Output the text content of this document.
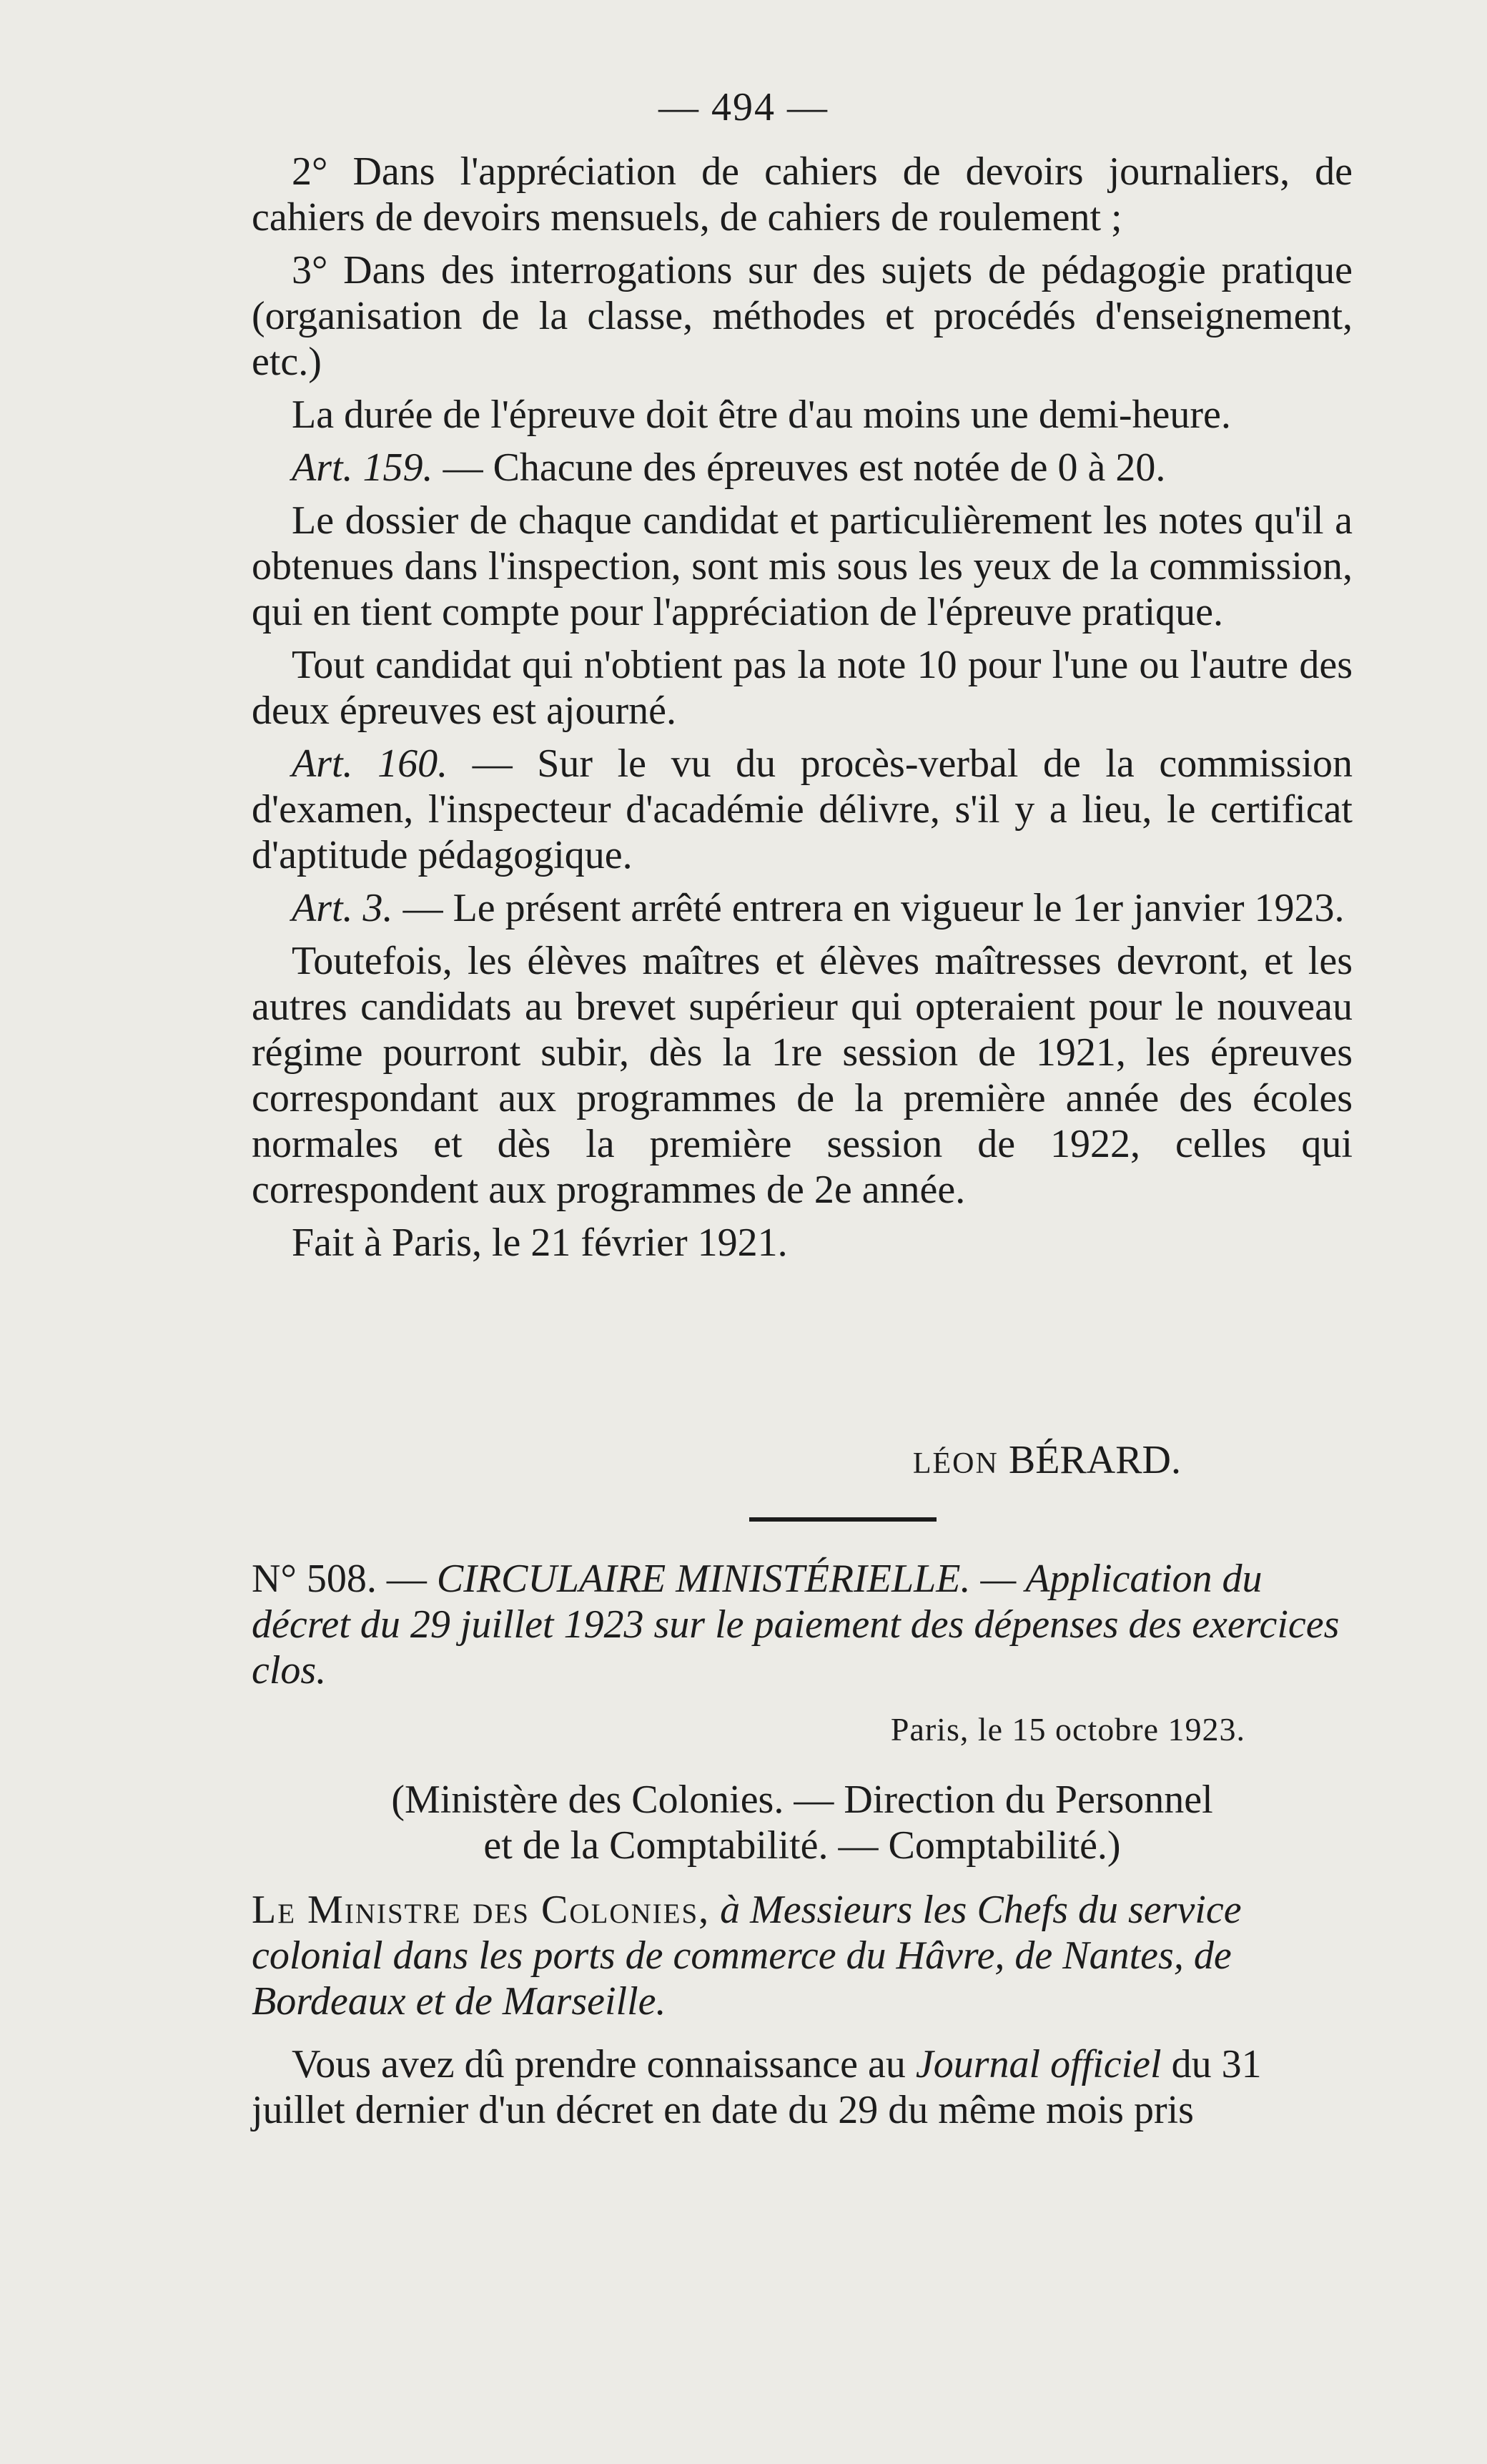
— 494 —

2° Dans l'appréciation de cahiers de devoirs journaliers, de cahiers de devoirs mensuels, de cahiers de roulement ;

3° Dans des interrogations sur des sujets de pédagogie pratique (organisation de la classe, méthodes et procédés d'enseignement, etc.)

La durée de l'épreuve doit être d'au moins une demi-heure.

Art. 159. — Chacune des épreuves est notée de 0 à 20.

Le dossier de chaque candidat et particulièrement les notes qu'il a obtenues dans l'inspection, sont mis sous les yeux de la commission, qui en tient compte pour l'appréciation de l'épreuve pratique.

Tout candidat qui n'obtient pas la note 10 pour l'une ou l'autre des deux épreuves est ajourné.

Art. 160. — Sur le vu du procès-verbal de la commission d'examen, l'inspecteur d'académie délivre, s'il y a lieu, le certificat d'aptitude pédagogique.

Art. 3. — Le présent arrêté entrera en vigueur le 1er janvier 1923.

Toutefois, les élèves maîtres et élèves maîtresses devront, et les autres candidats au brevet supérieur qui opteraient pour le nouveau régime pourront subir, dès la 1re session de 1921, les épreuves correspondant aux programmes de la première année des écoles normales et dès la première session de 1922, celles qui correspondent aux programmes de 2e année.

Fait à Paris, le 21 février 1921.

LÉON BÉRARD.
N° 508. — CIRCULAIRE MINISTÉRIELLE. — Application du décret du 29 juillet 1923 sur le paiement des dépenses des exercices clos.
Paris, le 15 octobre 1923.
(Ministère des Colonies. — Direction du Personnel
et de la Comptabilité. — Comptabilité.)
Le Ministre des Colonies, à Messieurs les Chefs du service colonial dans les ports de commerce du Hâvre, de Nantes, de Bordeaux et de Marseille.
Vous avez dû prendre connaissance au Journal officiel du 31 juillet dernier d'un décret en date du 29 du même mois pris
